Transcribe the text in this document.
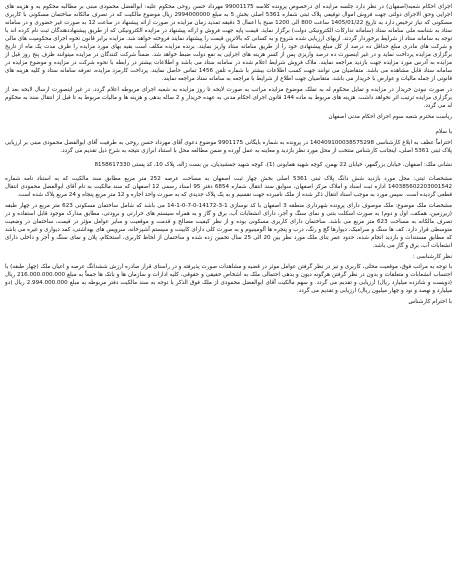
اجرای احکام شعبه(اصفهان) در نظر دارد جلسه مزایده ای درخصوص پرونده کلاسه 99001175 مهرداد حسن روحی محکوم علیه: ابوالفضل محمودی مبنی بر مطالبه محکوم به و هزینه های اجرایی وحق الاجرای دولتی جهت فروش اموال توقیفی پلاک ثبتی شماره 5361 اصلی بخش 5 به مبلغ 2994000000 ریال موضوع مالکیت که در تصرف مالکانه ساختمان مسکونی با کاربری مسکونی که نیاز ترخیص دارد به تاریخ 1405/01/22 ساعت 800 الی 1200 صبح با اعمال 3 دقیقه تمدید زمان مزایده در صورت ارائه پیشنهاد در ساعت 12 به صورت غیر حضوری و در سامانه ستاد به شناسه ملی سامانه ستاد (سامانه تدارکات الکترونیکی دولت) برگزار نماید. قیمت پایه جهت فروش و ارائه پیشنهاد در مزایده الکترونیکی که از طریق پیشنهاددهندگان ثبت نام کرده اند با توجه به سامانه ستاد از شرایط برخوردار گردند. ازبهای ارزیابی شده شروع و به کسانی که بالاترین قیمت را پیشنهاد نمایند فروخته خواهد شد. مزایده برابر قانون نحوه اجرای محکومیت های مالی و شرکت های مادری مبلغ حداقل ده درصد از کل مبلغ پیشنهادی خود را از طریق سامانه ستاد واریز نمایند. برنده مزایده مکلف است بقیه بهای مورد مزایده را ظرف مدت یک ماه از تاریخ برگزاری مزایده پرداخت نماید و در غیر اینصورت ده درصد واریزی پس از کسر هزینه های اجرایی به نفع دولت ضبط خواهد شد. ضمناً شرکت کنندگان در مزایده میتوانند ظرف پنج روز قبل از مزایده به آدرس مورد مزایده جهت بازدید مراجعه نمایند. ملاک فروش شرایط اعلام شده در سامانه ستاد می باشد و اطلاعات بیشتر در رابطه با نحوه شرکت در مزایده و موضوع مزایده در سامانه ستاد قابل مشاهده می باشد. متقاضیان می توانند جهت کسب اطلاعات بیشتر با شماره تلفن 1456 تماس حاصل نمایند. پرداخت کارمزد مزایده، تعرفه سامانه ستاد و کلیه هزینه های قانونی از جمله مالیات و عوارض با خریدار می باشد. متقاضیان جهت اطلاع از شرایط با مراجعه به سامانه ستاد مراجعه نمایند.

در صورت نبودن خریدار در مزایده و تمایل محکوم له به تملک موضوع مزایده مراتب به صورت لایحه تا روز مزایده به شعبه اجرای مربوطه اعلام گردد. در غیر اینصورت ارسال لایحه بعد از برگزاری مزایده ترتیب اثر نخواهد داشت. هزینه های مربوط به ماده 144 قانون اجرای احکام مدنی به عهده خریدار و 2 ساله بدهی و هزینه ها و مالیات مربوط به تا قبل از انتقال سند به محکوم له می گردد.

ریاست محترم شعبه سوم اجرای احکام مدنی اصفهان

با سلام

احتراماً عطف به ابلاغ کارشناسی 140409100038575298 در پرونده به شماره بایگانی 9901175 موضوع دعوی آقای مهرداد حسن روحی به طرفیت آقای ابوالفضل محمودی مبنی بر ارزیابی پلاک ثبتی 5361 اصلی، اینجانب کارشناس منتخب از محل مورد نظر بازدید و معاینه به عمل آورده و ضمن مطالعه محل با استناد ابرازی نتیجه به شرح ذیل تقدیم می گردد.

نشانی ملک: اصفهان، خیابان بزرگمهر، خیابان 22 بهمن، کوچه شهید همایونی (1)، کوچه شهید جمشیدیان، بن بست ژاله، پلاک 10، کد پستی 8158617330

مشخصات ثبتی: محل مورد بازدید شش دانگ پلاک ثبتی 5361 اصلی بخش چهار ثبت اصفهان به مساحت عرصه 252 متر مربع مطابق سند مالکیت که به استناد نامه شماره 140385602203001542 اداره ثبت اسناد و املاک مرکز اصفهان، سوابق سند انتقال شماره 6854 دفتر 95 اسناد رسمی 12 اصفهان که سند مالکیت به نام آقای ابوالفضل محمودی انتقال قطعی گردیده است. سپس مورد به موجب اسناد انتقال ذکر شده از ملک نامبرده جهت تقسیم و به یک پلاک جدیدی که به صورت واحد اجاره و 12 متر مربع پنجاه و 24 مربع پلاک شده است.

مشخصات ملک موضوع: ملک موصوف دارای پرونده شهرداری منطقه 3 اصفهان با کد نوسازی 1-3-14172-0-7-0-1-14 می باشد که شامل ساختمان مسکونی 623 متر مربع در چهار طبقه (زیرزمین، همکف، اول و دوم) به صورت اسکلت بتنی و نمای سنگ و آجر، دارای انشعابات آب، برق و گاز و به همراه سیستم های حرارتی و برودتی، مطابق مدارک موجود قابل استفاده و در تصرف مالکانه به مساحت 623 متر مربع می باشد. ساختمان دارای کاربری مسکونی بوده و از نظر کیفیت مصالح و قدمت و موقعیت و سایر عوامل مؤثر در قیمت، ساختمان در وضعیت متوسطی قرار دارد. کف ها سنگ و سرامیک، دیوارها گچ و رنگ، درب و پنجره ها آلومینیوم و به صورت کلی دارای کابینت و سیستم آشپزخانه، سرویس های بهداشتی، کمد دیواری و غیره می باشد که مطابق مستندات و بازدید انجام شده، حدود عمر بنای ملک مورد نظر بین 20 الی 25 سال تخمین زده شده و ساختمان از لحاظ کاربری، استحکام، پلان و نمای سنگ و آجر و داخلی دارای انشعابات آب، برق و گاز می باشد.

نظر کارشناسی :

با توجه به مراتب فوق، موقعیت محلی، کاربری و نیز در نظر گرفتن عوامل موثر در قضیه و مشاهدات صورت پذیرفته و در راستای قرار صادره ارزش ششدانگ عرصه و اعیان ملک (چهار طبقه) با احتساب انشعابات و متعلقات و بدون در نظر گرفتن هرگونه دیون و بدهی احتمالی ملک به اشخاص حقیقی و حقوقی، کلیه ادارات و سازمان ها و بانک ها جمعاً به مبلغ 216.000.000.000 ریال (دویست و شانزده میلیارد ریال) ارزیابی و تقدیم می گردد. و سهم مالکیت آقای ابوالفضل محمودی از ملک فوق الذکر با توجه به سند مالکیت دفتر مربوطه به مبلغ 2.994.000.000 ریال (دو میلیارد و نهصد و نود و چهار میلیون ریال) ارزیابی و تقدیم می گردد.

با احترام کارشناس
